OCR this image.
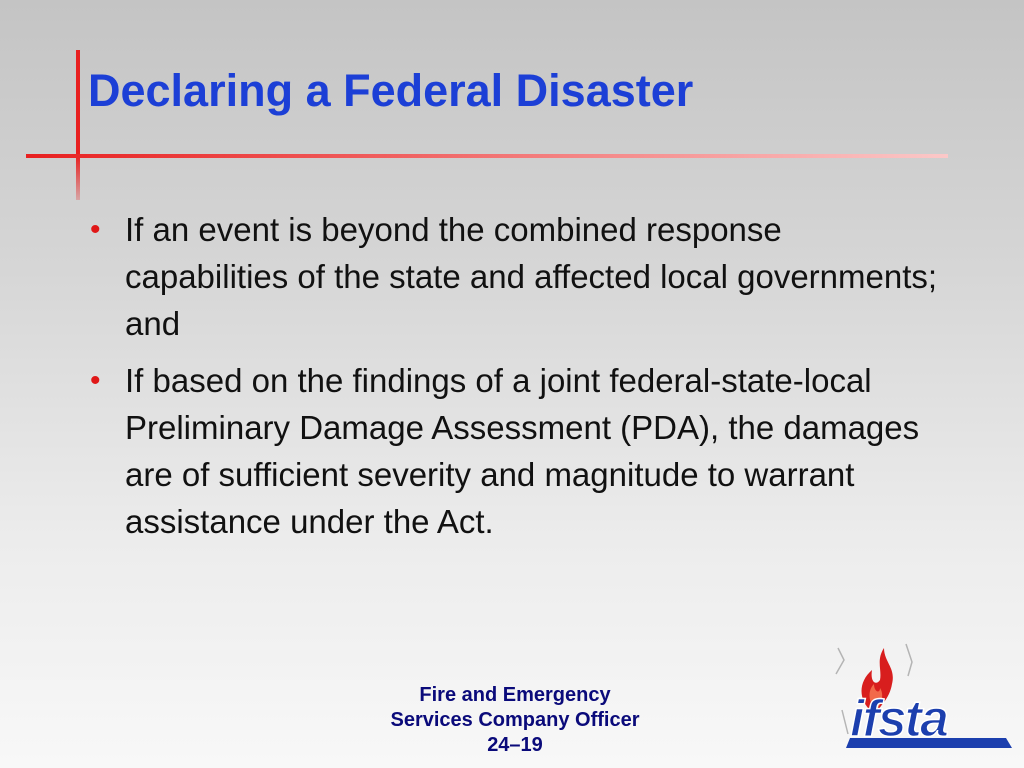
Declaring a Federal Disaster
• If an event is beyond the combined response capabilities of the state and affected local governments; and
• If based on the findings of a joint federal-state-local Preliminary Damage Assessment (PDA), the damages are of sufficient severity and magnitude to warrant assistance under the Act.
Fire and Emergency
Services Company Officer
24–19	ifsta
